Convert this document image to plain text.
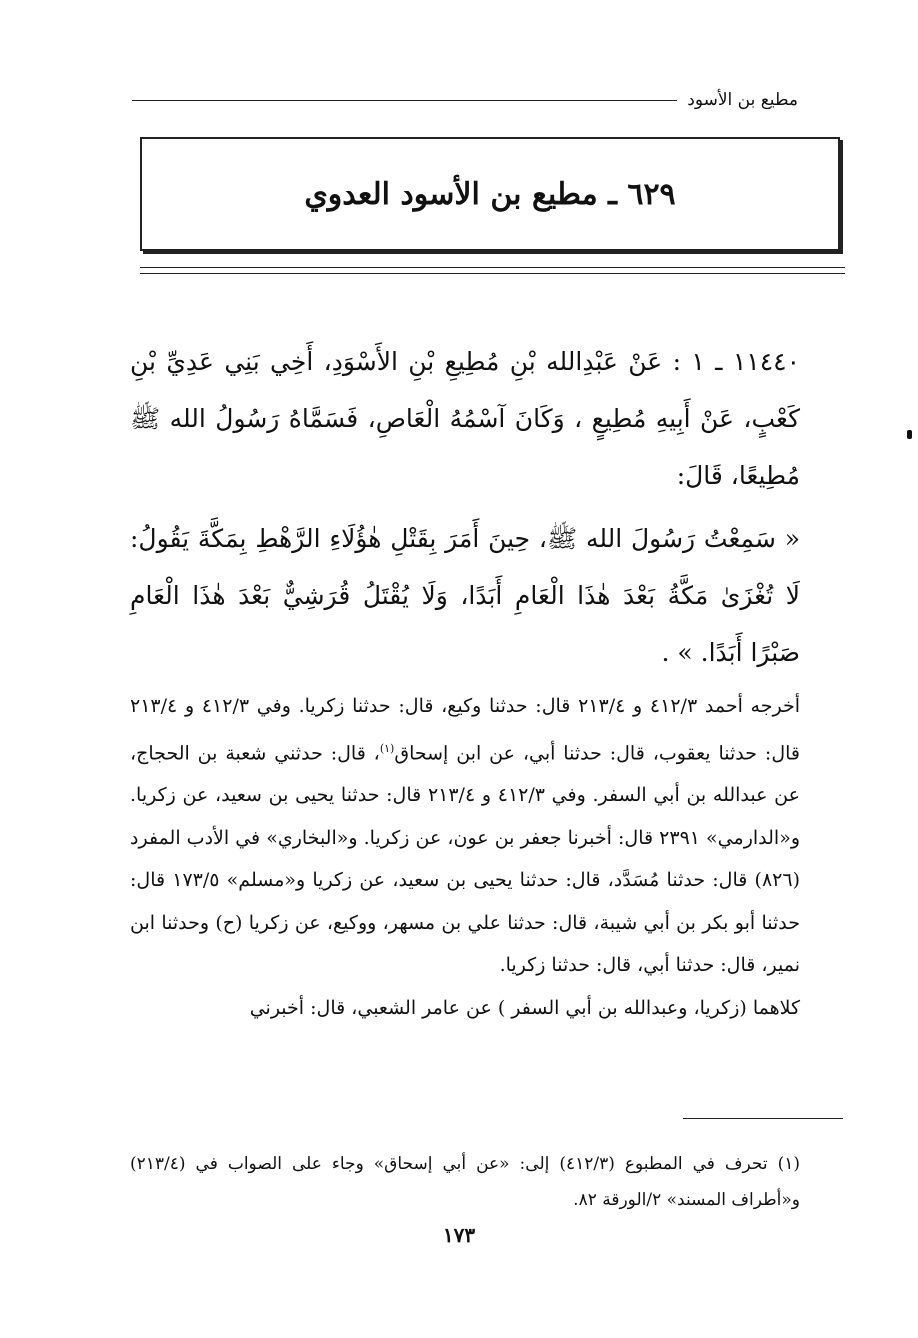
مطيع بن الأسود
٦٢٩ ـ مطيع بن الأسود العدوي

١١٤٤٠ ـ ١ : عَنْ عَبْدِالله بْنِ مُطِيعِ بْنِ الأَسْوَدِ، أَخِي بَنِي عَدِيِّ بْنِ كَعْبٍ، عَنْ أَبِيهِ مُطِيعٍ ، وَكَانَ آسْمُهُ الْعَاصِ، فَسَمَّاهُ رَسُولُ الله ﷺ مُطِيعًا، قَالَ:

« سَمِعْتُ رَسُولَ الله ﷺ، حِينَ أَمَرَ بِقَتْلِ هٰؤُلَاءِ الرَّهْطِ بِمَكَّةَ يَقُولُ: لَا تُغْزَىٰ مَكَّةُ بَعْدَ هٰذَا الْعَامِ أَبَدًا، وَلَا يُقْتَلُ قُرَشِيٌّ بَعْدَ هٰذَا الْعَامِ صَبْرًا أَبَدًا. » .

أخرجه أحمد ٤١٢/٣ و ٢١٣/٤ قال: حدثنا وكيع، قال: حدثنا زكريا. وفي ٤١٢/٣ و ٢١٣/٤ قال: حدثنا يعقوب، قال: حدثنا أبي، عن ابن إسحاق$^{(١)}$، قال: حدثني شعبة بن الحجاج، عن عبدالله بن أبي السفر. وفي ٤١٢/٣ و ٢١٣/٤ قال: حدثنا يحيى بن سعيد، عن زكريا. و«الدارمي» ٢٣٩١ قال: أخبرنا جعفر بن عون، عن زكريا. و«البخاري» في الأدب المفرد (٨٢٦) قال: حدثنا مُسَدَّد، قال: حدثنا يحيى بن سعيد، عن زكريا و«مسلم» ١٧٣/٥ قال: حدثنا أبو بكر بن أبي شيبة، قال: حدثنا علي بن مسهر، ووكيع، عن زكريا (ح) وحدثنا ابن نمير، قال: حدثنا أبي، قال: حدثنا زكريا.

كلاهما (زكريا، وعبدالله بن أبي السفر ) عن عامر الشعبي، قال: أخبرني

(١) تحرف في المطبوع (٤١٢/٣) إلى: «عن أبي إسحاق» وجاء على الصواب في (٢١٣/٤) و«أطراف المسند» ٢/الورقة ٨٢.

١٧٣
